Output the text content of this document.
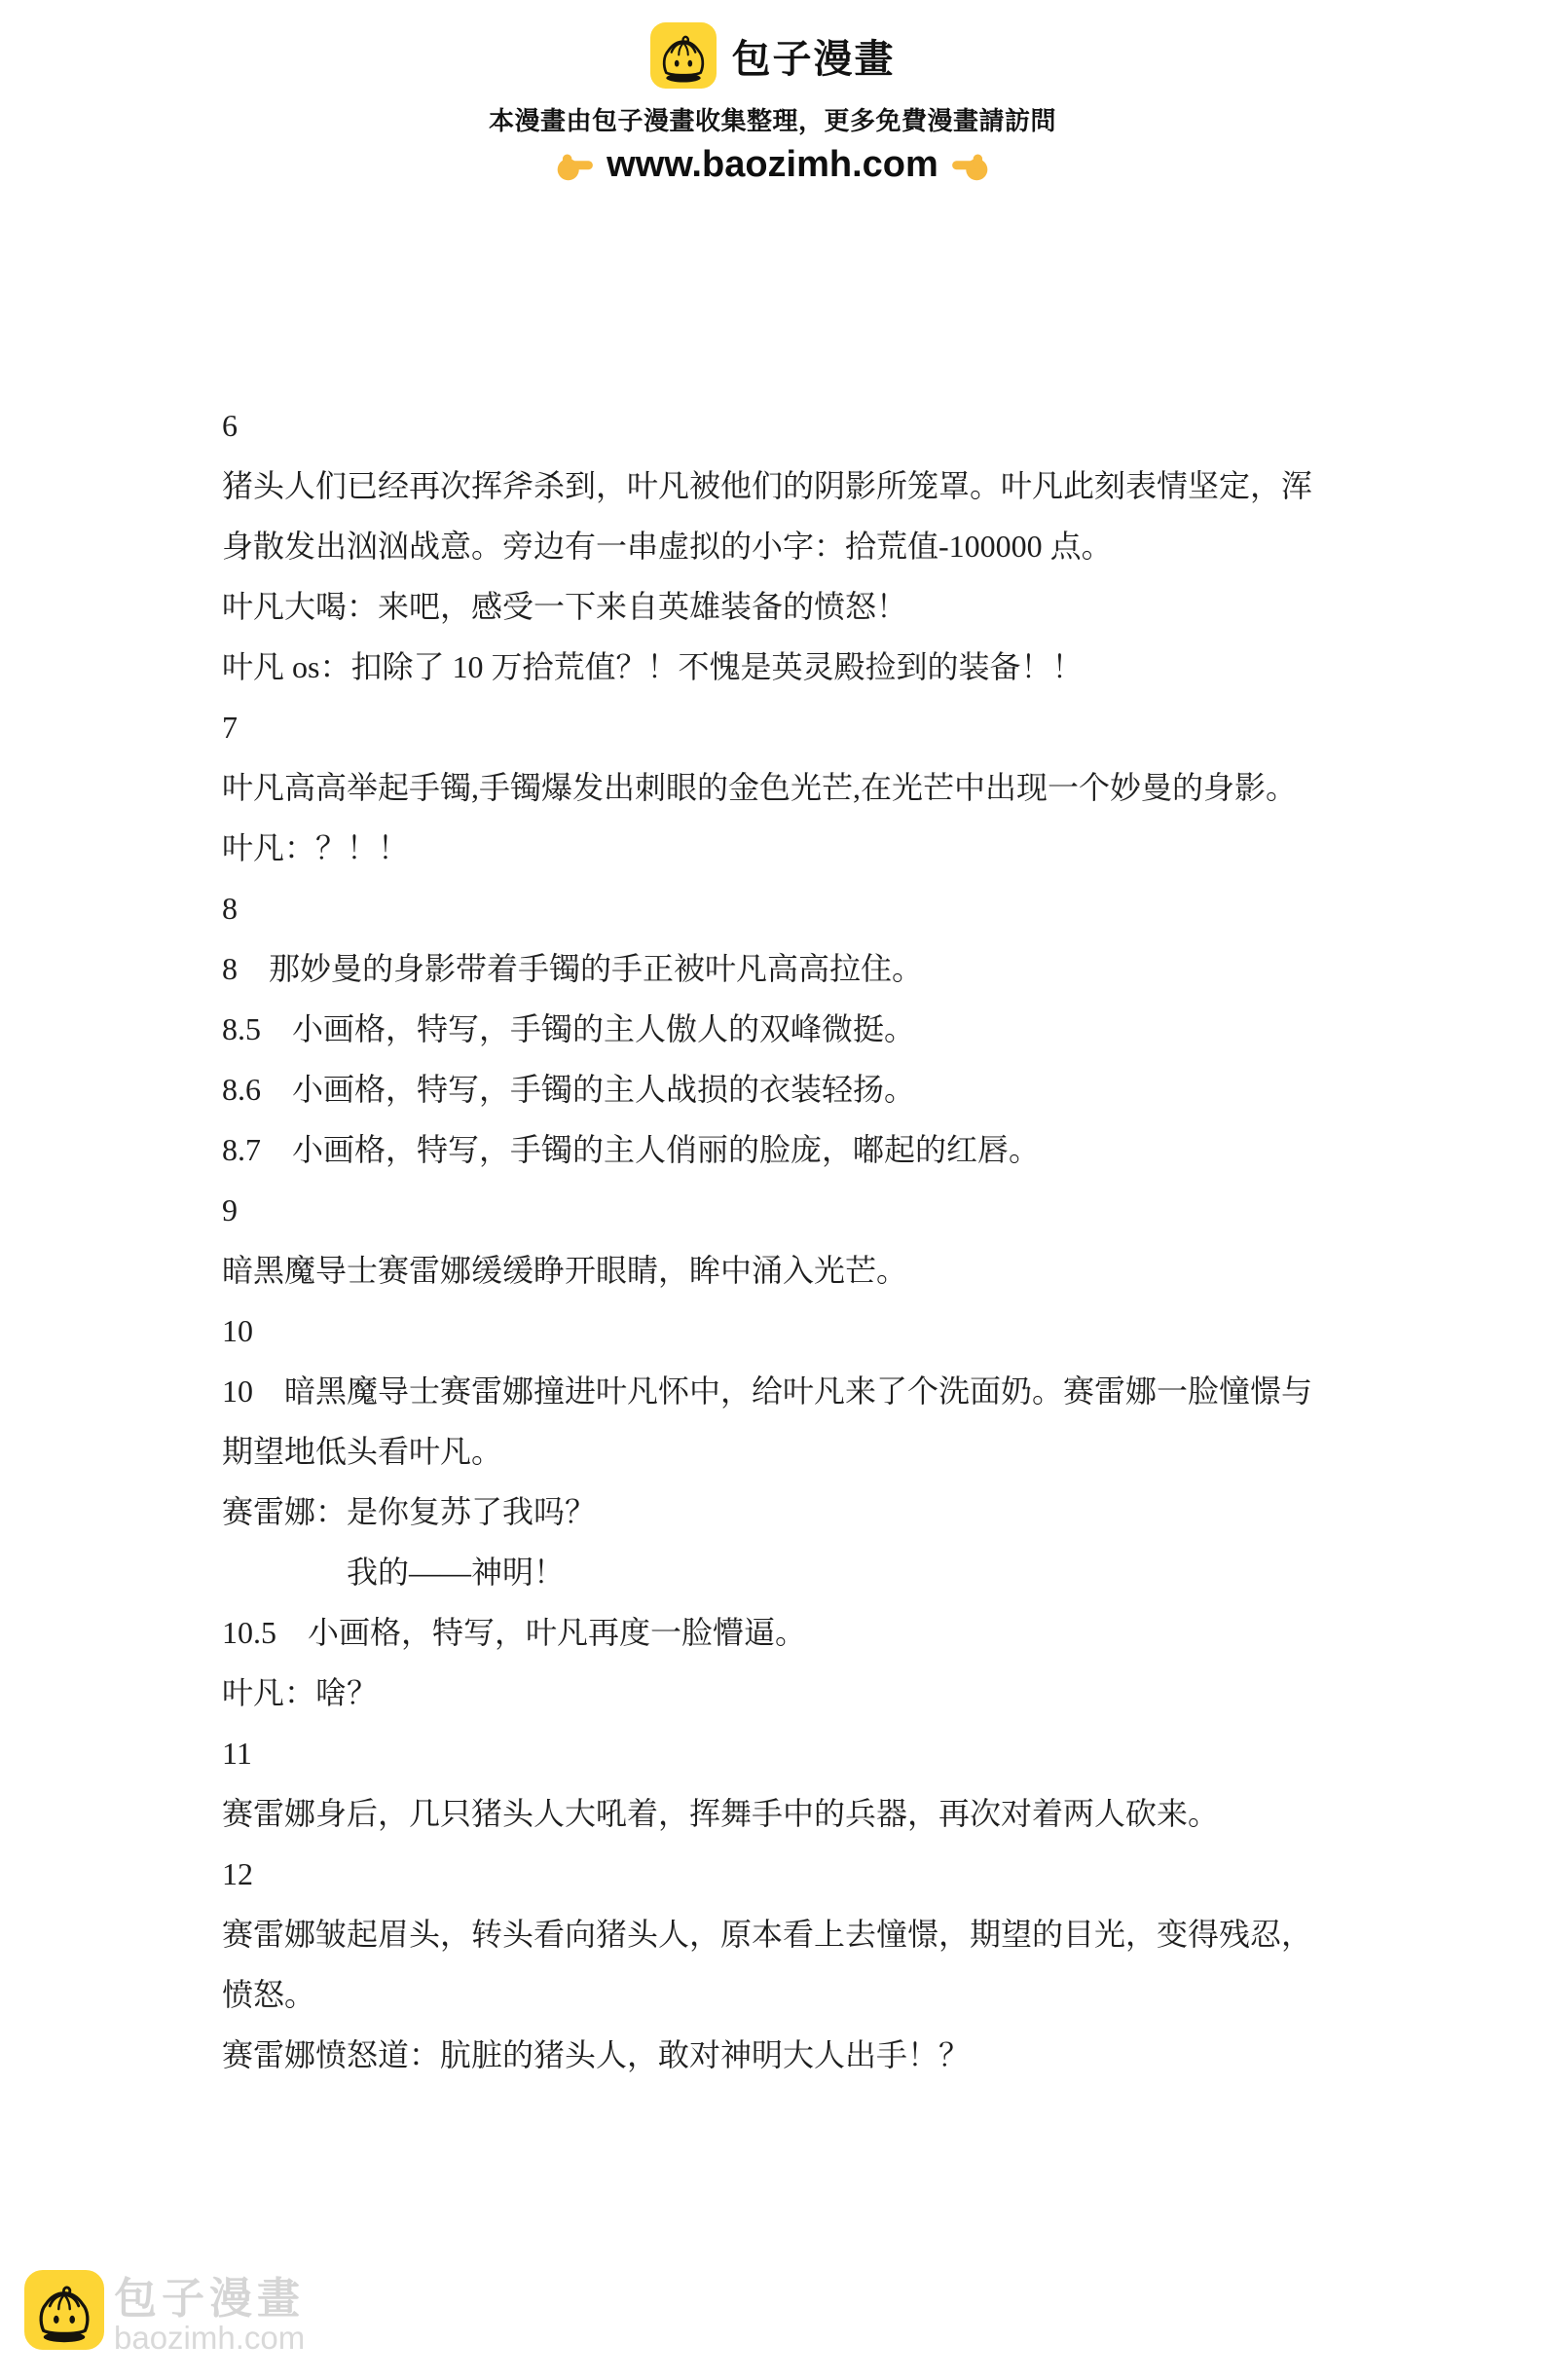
包子漫畫
本漫畫由包子漫畫收集整理，更多免費漫畫請訪問
www.baozimh.com
6
猪头人们已经再次挥斧杀到，叶凡被他们的阴影所笼罩。叶凡此刻表情坚定，浑
身散发出汹汹战意。旁边有一串虚拟的小字：拾荒值-100000 点。
叶凡大喝：来吧，感受一下来自英雄装备的愤怒！
叶凡 os：扣除了 10 万拾荒值？！不愧是英灵殿捡到的装备！！
7
叶凡高高举起手镯,手镯爆发出刺眼的金色光芒,在光芒中出现一个妙曼的身影。
叶凡：？！！
8
8　那妙曼的身影带着手镯的手正被叶凡高高拉住。
8.5　小画格，特写，手镯的主人傲人的双峰微挺。
8.6　小画格，特写，手镯的主人战损的衣装轻扬。
8.7　小画格，特写，手镯的主人俏丽的脸庞，嘟起的红唇。
9
暗黑魔导士赛雷娜缓缓睁开眼睛，眸中涌入光芒。
10
10　暗黑魔导士赛雷娜撞进叶凡怀中，给叶凡来了个洗面奶。赛雷娜一脸憧憬与
期望地低头看叶凡。
赛雷娜：是你复苏了我吗？
　　　　我的——神明！
10.5　小画格，特写，叶凡再度一脸懵逼。
叶凡：啥？
11
赛雷娜身后，几只猪头人大吼着，挥舞手中的兵器，再次对着两人砍来。
12
赛雷娜皱起眉头，转头看向猪头人，原本看上去憧憬，期望的目光，变得残忍，
愤怒。
赛雷娜愤怒道：肮脏的猪头人，敢对神明大人出手！？
包子漫畫
baozimh.com
